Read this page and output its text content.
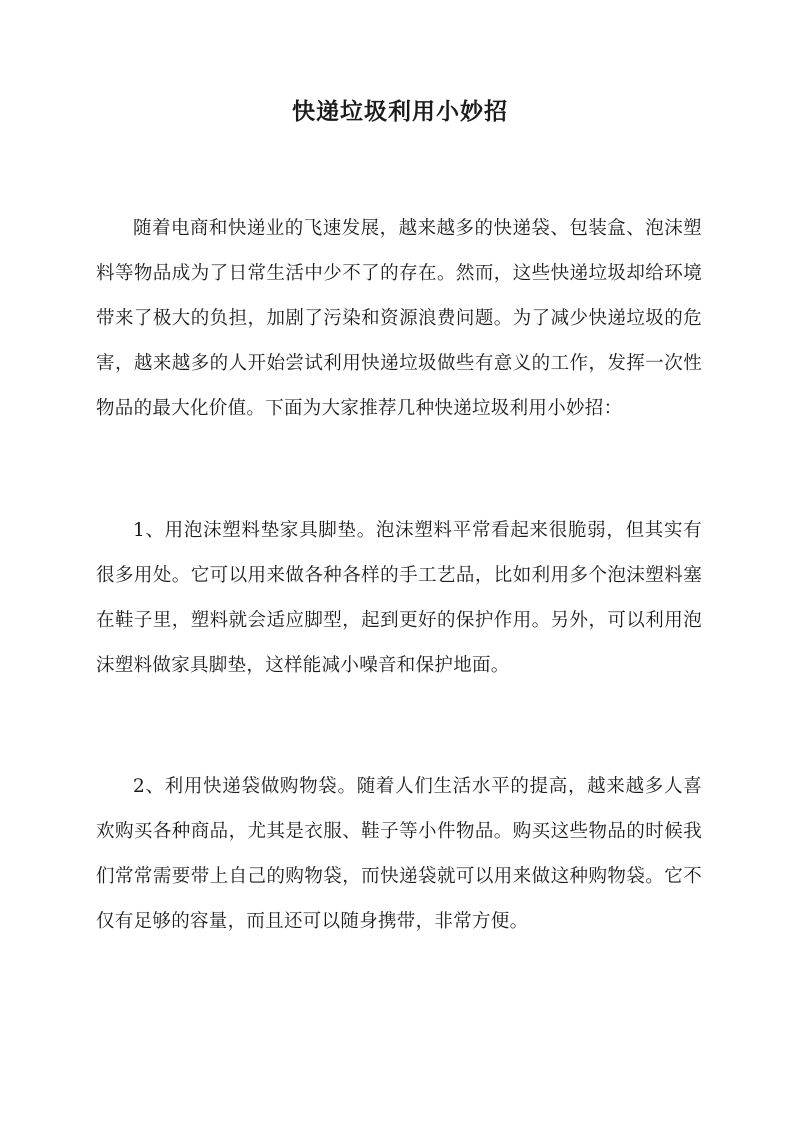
快递垃圾利用小妙招

随着电商和快递业的飞速发展，越来越多的快递袋、包装盒、泡沫塑料等物品成为了日常生活中少不了的存在。然而，这些快递垃圾却给环境带来了极大的负担，加剧了污染和资源浪费问题。为了减少快递垃圾的危害，越来越多的人开始尝试利用快递垃圾做些有意义的工作，发挥一次性物品的最大化价值。下面为大家推荐几种快递垃圾利用小妙招：

1、用泡沫塑料垫家具脚垫。泡沫塑料平常看起来很脆弱，但其实有很多用处。它可以用来做各种各样的手工艺品，比如利用多个泡沫塑料塞在鞋子里，塑料就会适应脚型，起到更好的保护作用。另外，可以利用泡沫塑料做家具脚垫，这样能减小噪音和保护地面。

2、利用快递袋做购物袋。随着人们生活水平的提高，越来越多人喜欢购买各种商品，尤其是衣服、鞋子等小件物品。购买这些物品的时候我们常常需要带上自己的购物袋，而快递袋就可以用来做这种购物袋。它不仅有足够的容量，而且还可以随身携带，非常方便。
